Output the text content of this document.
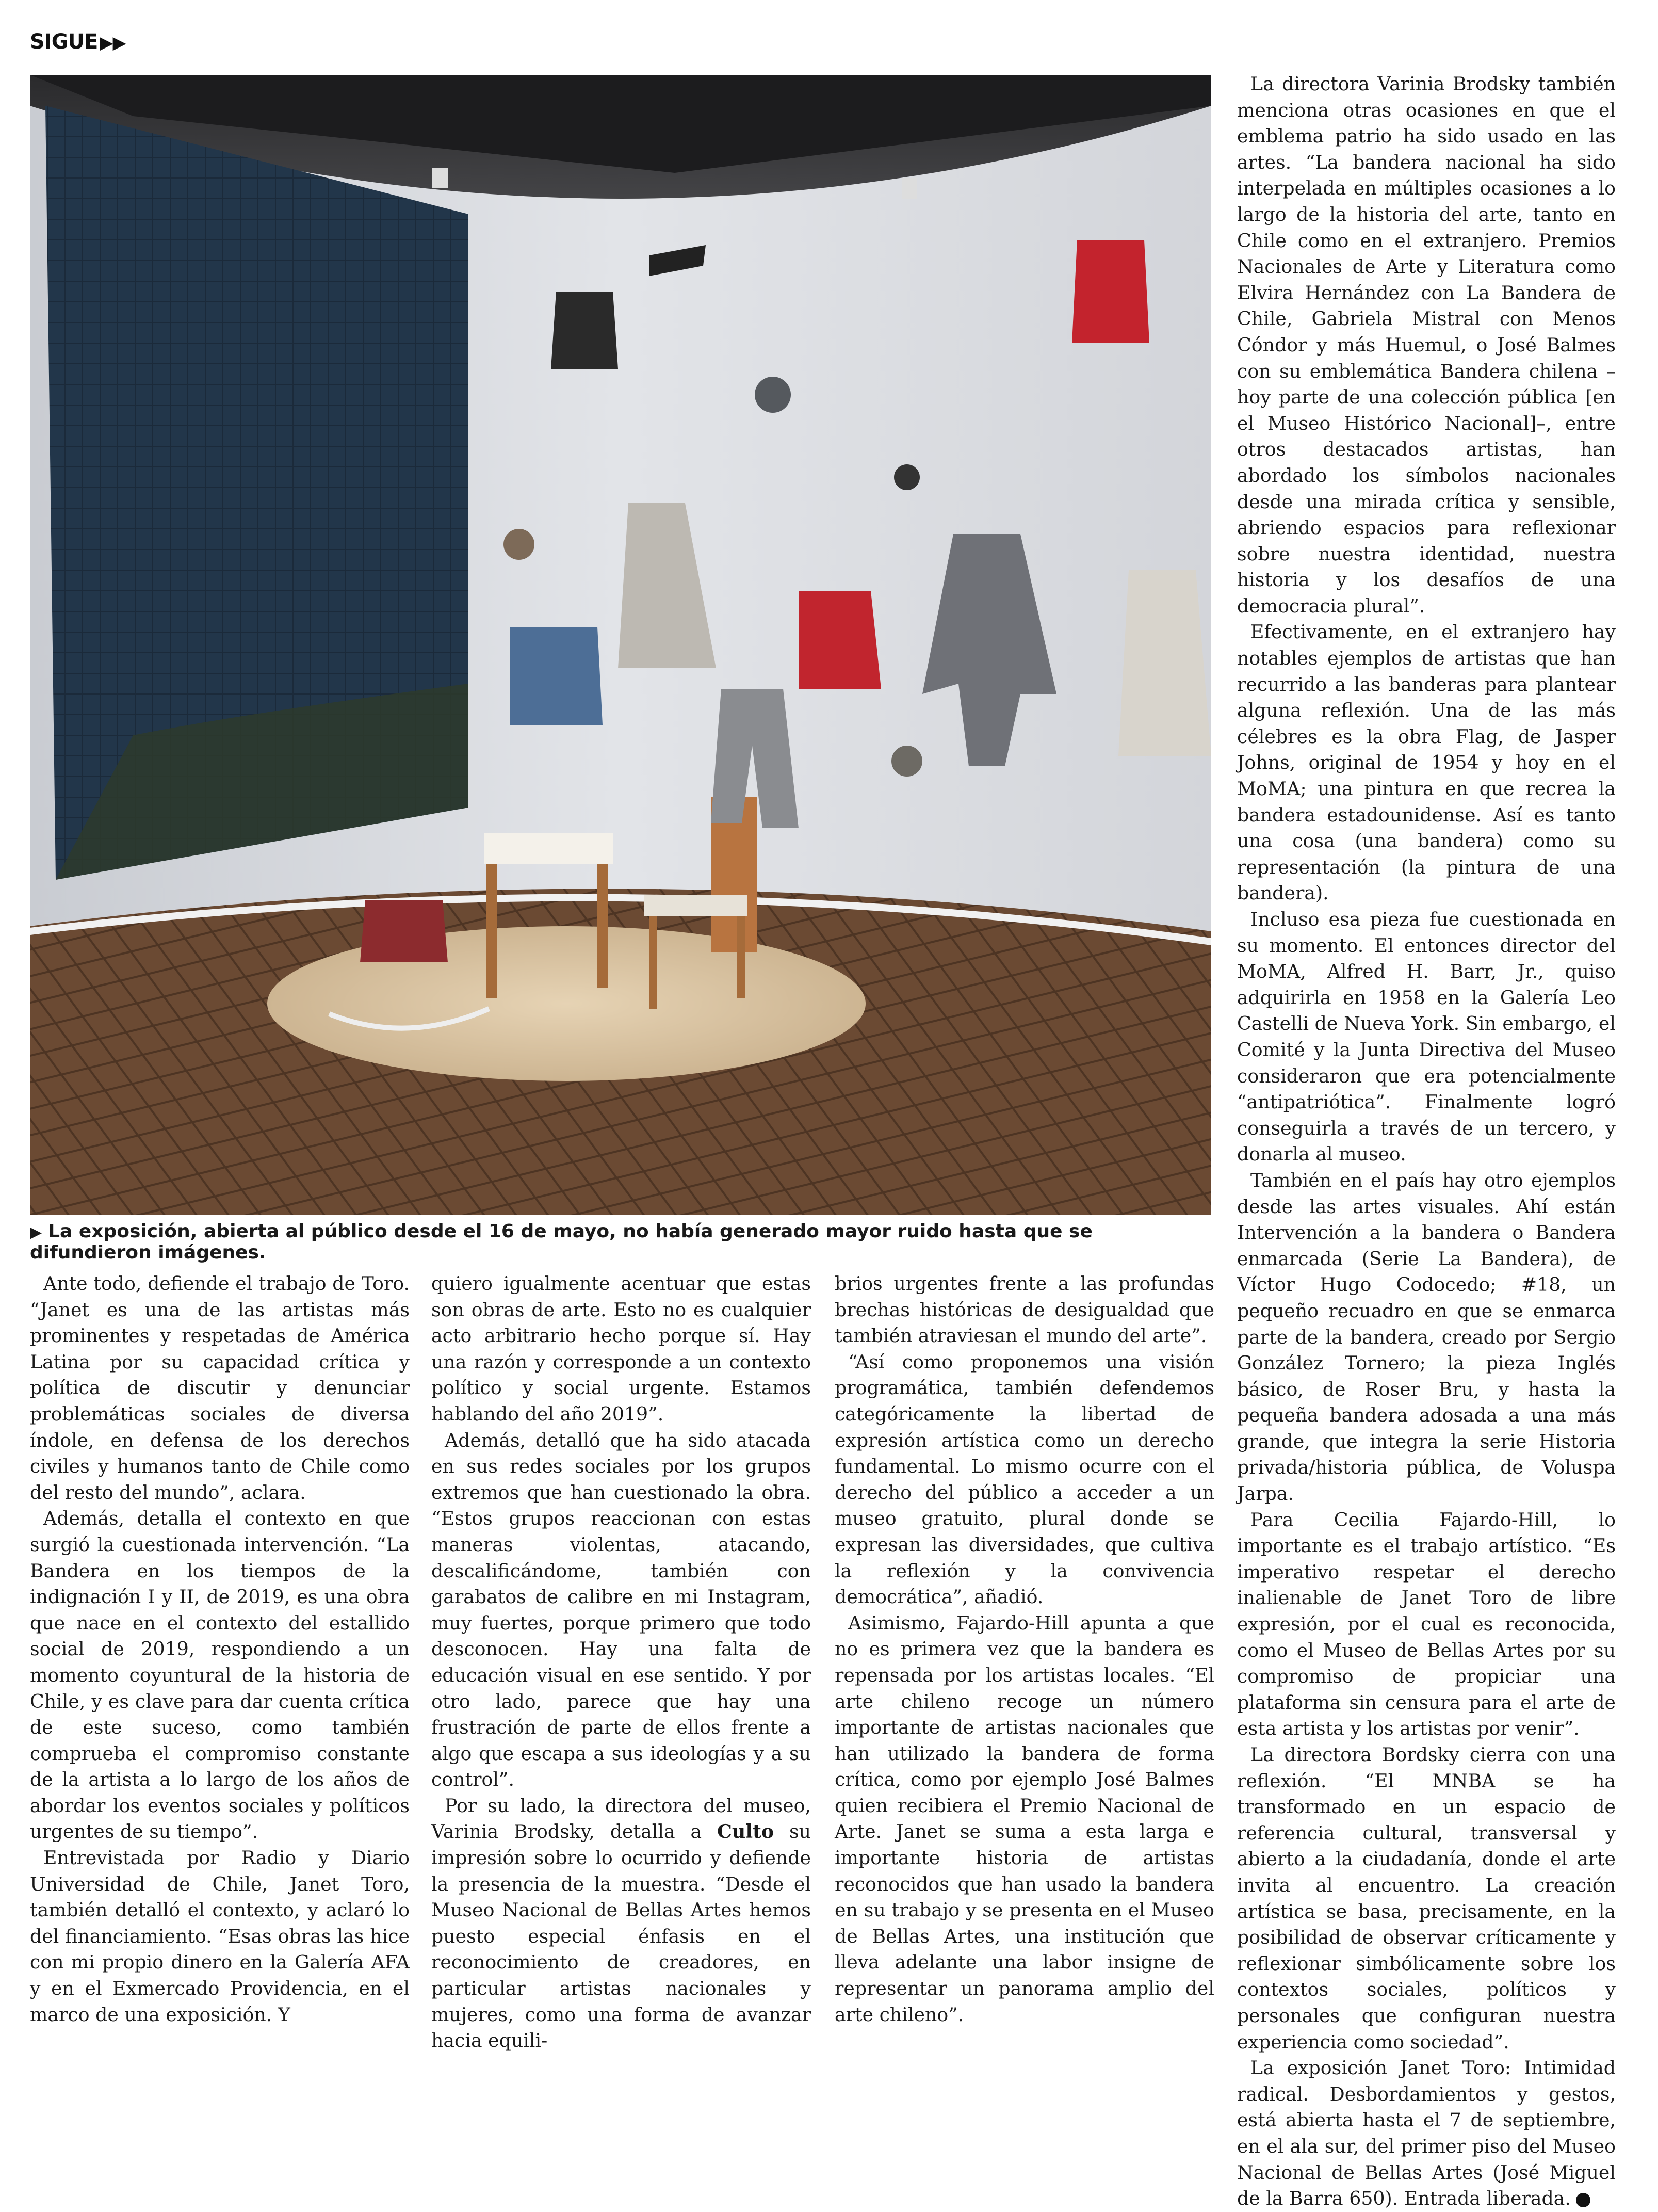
SIGUE ▶▶
▶ La exposición, abierta al público desde el 16 de mayo, no había generado mayor ruido hasta que se difundieron imágenes.

Ante todo, defiende el trabajo de Toro. “Janet es una de las artistas más prominentes y respetadas de América Latina por su capacidad crítica y política de discutir y denunciar problemáticas sociales de diversa índole, en defensa de los derechos civiles y humanos tanto de Chile como del resto del mundo”, aclara.

Además, detalla el contexto en que surgió la cuestionada intervención. “La Bandera en los tiempos de la indignación I y II, de 2019, es una obra que nace en el contexto del estallido social de 2019, respondiendo a un momento coyuntural de la historia de Chile, y es clave para dar cuenta crítica de este suceso, como también comprueba el compromiso constante de la artista a lo largo de los años de abordar los eventos sociales y políticos urgentes de su tiempo”.

Entrevistada por Radio y Diario Universidad de Chile, Janet Toro, también detalló el contexto, y aclaró lo del financiamiento. “Esas obras las hice con mi propio dinero en la Galería AFA y en el Exmercado Providencia, en el marco de una exposición. Y

quiero igualmente acentuar que estas son obras de arte. Esto no es cualquier acto arbitrario hecho porque sí. Hay una razón y corresponde a un contexto político y social urgente. Estamos hablando del año 2019”.

Además, detalló que ha sido atacada en sus redes sociales por los grupos extremos que han cuestionado la obra. “Estos grupos reaccionan con estas maneras violentas, atacando, descalificándome, también con garabatos de calibre en mi Instagram, muy fuertes, porque primero que todo desconocen. Hay una falta de educación visual en ese sentido. Y por otro lado, parece que hay una frustración de parte de ellos frente a algo que escapa a sus ideologías y a su control”.

Por su lado, la directora del museo, Varinia Brodsky, detalla a Culto su impresión sobre lo ocurrido y defiende la presencia de la muestra. “Desde el Museo Nacional de Bellas Artes hemos puesto especial énfasis en el reconocimiento de creadores, en particular artistas nacionales y mujeres, como una forma de avanzar hacia equili-

brios urgentes frente a las profundas brechas históricas de desigualdad que también atraviesan el mundo del arte”.

“Así como proponemos una visión programática, también defendemos categóricamente la libertad de expresión artística como un derecho fundamental. Lo mismo ocurre con el derecho del público a acceder a un museo gratuito, plural donde se expresan las diversidades, que cultiva la reflexión y la convivencia democrática”, añadió.

Asimismo, Fajardo-Hill apunta a que no es primera vez que la bandera es repensada por los artistas locales. “El arte chileno recoge un número importante de artistas nacionales que han utilizado la bandera de forma crítica, como por ejemplo José Balmes quien recibiera el Premio Nacional de Arte. Janet se suma a esta larga e importante historia de artistas reconocidos que han usado la bandera en su trabajo y se presenta en el Museo de Bellas Artes, una institución que lleva adelante una labor insigne de representar un panorama amplio del arte chileno”.

La directora Varinia Brodsky también menciona otras ocasiones en que el emblema patrio ha sido usado en las artes. “La bandera nacional ha sido interpelada en múltiples ocasiones a lo largo de la historia del arte, tanto en Chile como en el extranjero. Premios Nacionales de Arte y Literatura como Elvira Hernández con La Bandera de Chile, Gabriela Mistral con Menos Cóndor y más Huemul, o José Balmes con su emblemática Bandera chilena –hoy parte de una colección pública [en el Museo Histórico Nacional]–, entre otros destacados artistas, han abordado los símbolos nacionales desde una mirada crítica y sensible, abriendo espacios para reflexionar sobre nuestra identidad, nuestra historia y los desafíos de una democracia plural”.

Efectivamente, en el extranjero hay notables ejemplos de artistas que han recurrido a las banderas para plantear alguna reflexión. Una de las más célebres es la obra Flag, de Jasper Johns, original de 1954 y hoy en el MoMA; una pintura en que recrea la bandera estadounidense. Así es tanto una cosa (una bandera) como su representación (la pintura de una bandera).

Incluso esa pieza fue cuestionada en su momento. El entonces director del MoMA, Alfred H. Barr, Jr., quiso adquirirla en 1958 en la Galería Leo Castelli de Nueva York. Sin embargo, el Comité y la Junta Directiva del Museo consideraron que era potencialmente “antipatriótica”. Finalmente logró conseguirla a través de un tercero, y donarla al museo.

También en el país hay otro ejemplos desde las artes visuales. Ahí están Intervención a la bandera o Bandera enmarcada (Serie La Bandera), de Víctor Hugo Codocedo; #18, un pequeño recuadro en que se enmarca parte de la bandera, creado por Sergio González Tornero; la pieza Inglés básico, de Roser Bru, y hasta la pequeña bandera adosada a una más grande, que integra la serie Historia privada/historia pública, de Voluspa Jarpa.

Para Cecilia Fajardo-Hill, lo importante es el trabajo artístico. “Es imperativo respetar el derecho inalienable de Janet Toro de libre expresión, por el cual es reconocida, como el Museo de Bellas Artes por su compromiso de propiciar una plataforma sin censura para el arte de esta artista y los artistas por venir”.

La directora Bordsky cierra con una reflexión. “El MNBA se ha transformado en un espacio de referencia cultural, transversal y abierto a la ciudadanía, donde el arte invita al encuentro. La creación artística se basa, precisamente, en la posibilidad de observar críticamente y reflexionar simbólicamente sobre los contextos sociales, políticos y personales que configuran nuestra experiencia como sociedad”.

La exposición Janet Toro: Intimidad radical. Desbordamientos y gestos, está abierta hasta el 7 de septiembre, en el ala sur, del primer piso del Museo Nacional de Bellas Artes (José Miguel de la Barra 650). Entrada liberada.
